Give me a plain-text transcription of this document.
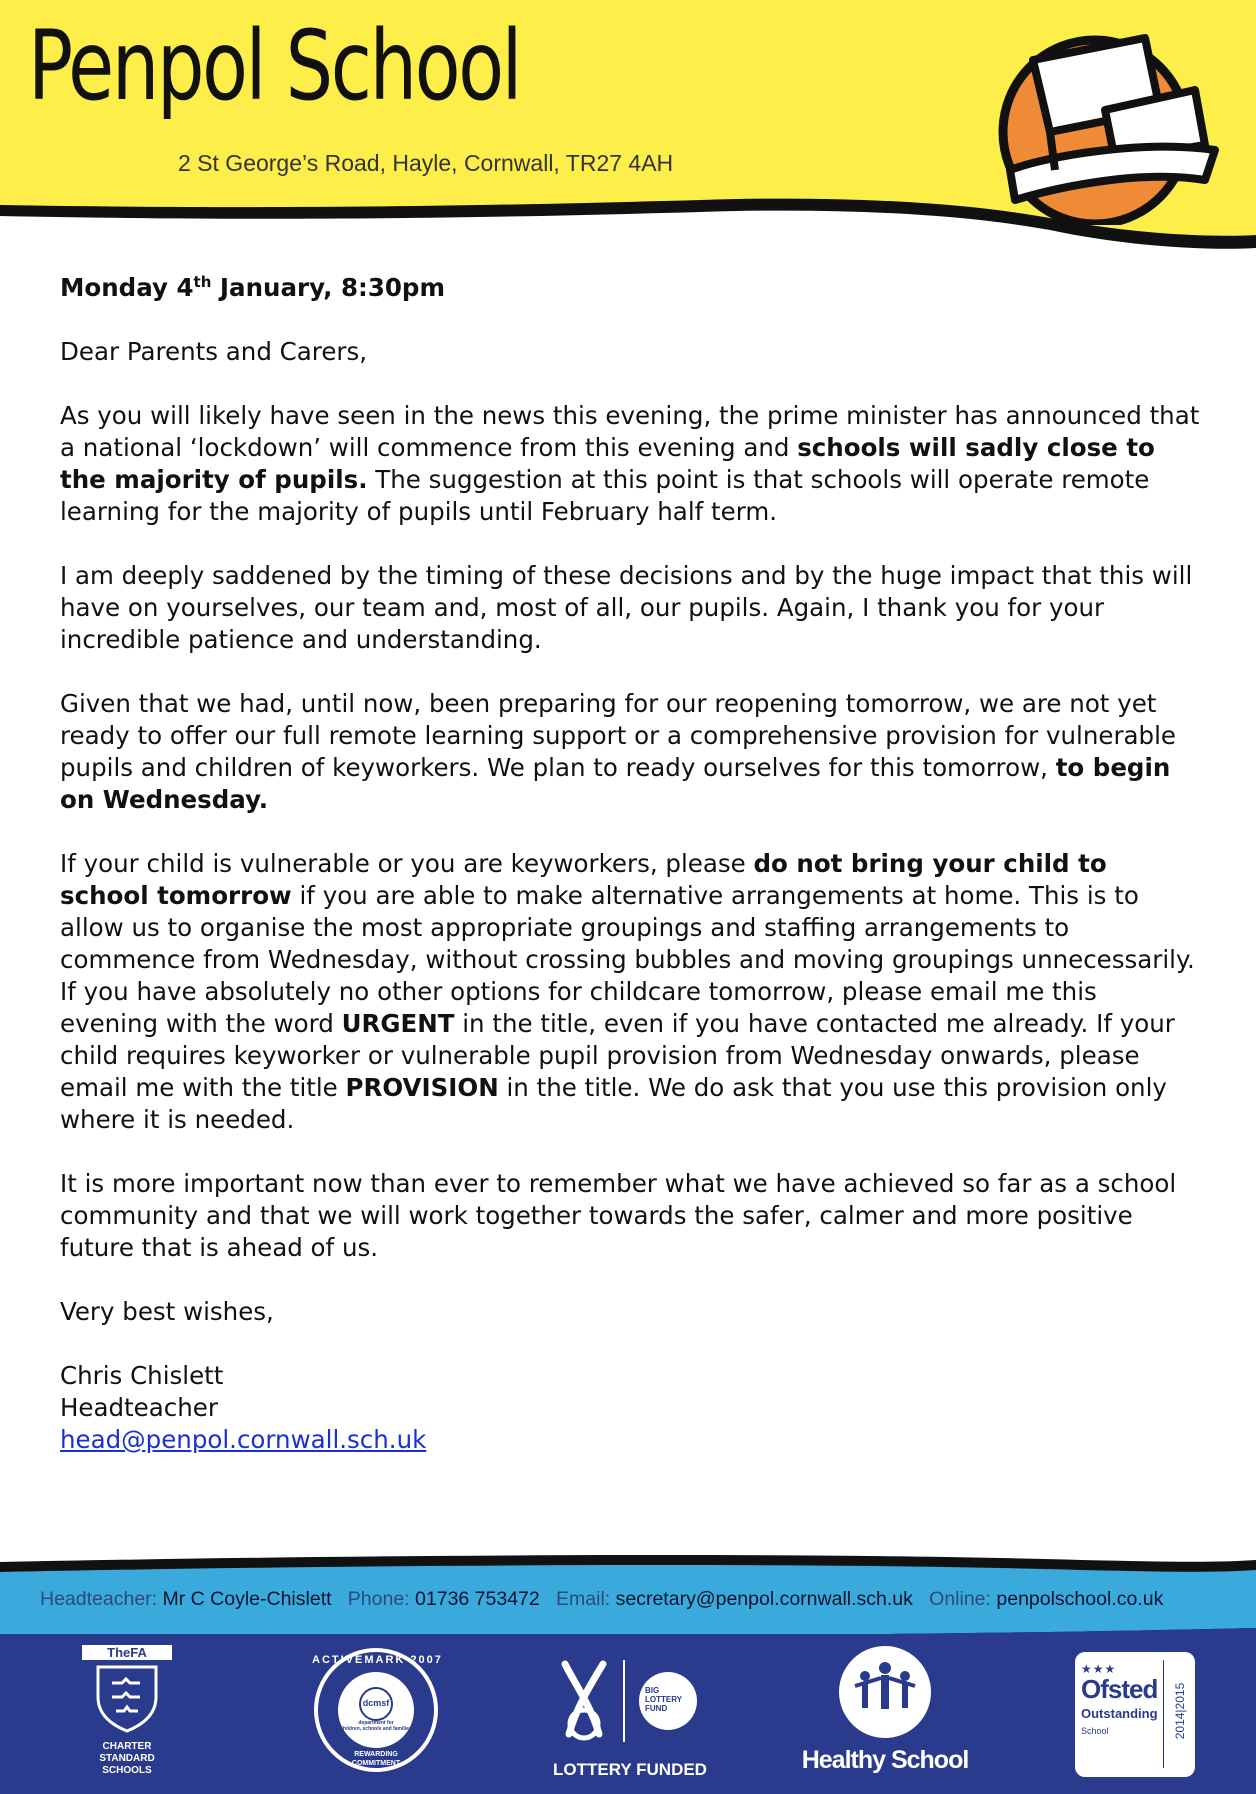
Penpol School
2 St George’s Road, Hayle, Cornwall, TR27 4AH

Monday 4th January, 8:30pm

Dear Parents and Carers,

As you will likely have seen in the news this evening, the prime minister has announced that a national ‘lockdown’ will commence from this evening and schools will sadly close to the majority of pupils. The suggestion at this point is that schools will operate remote learning for the majority of pupils until February half term.

I am deeply saddened by the timing of these decisions and by the huge impact that this will have on yourselves, our team and, most of all, our pupils. Again, I thank you for your incredible patience and understanding.

Given that we had, until now, been preparing for our reopening tomorrow, we are not yet ready to offer our full remote learning support or a comprehensive provision for vulnerable pupils and children of keyworkers. We plan to ready ourselves for this tomorrow, to begin on Wednesday.

If your child is vulnerable or you are keyworkers, please do not bring your child to school tomorrow if you are able to make alternative arrangements at home. This is to allow us to organise the most appropriate groupings and staffing arrangements to commence from Wednesday, without crossing bubbles and moving groupings unnecessarily. If you have absolutely no other options for childcare tomorrow, please email me this evening with the word URGENT in the title, even if you have contacted me already. If your child requires keyworker or vulnerable pupil provision from Wednesday onwards, please email me with the title PROVISION in the title. We do ask that you use this provision only where it is needed.

It is more important now than ever to remember what we have achieved so far as a school community and that we will work together towards the safer, calmer and more positive future that is ahead of us.

Very best wishes,

Chris Chislett

Headteacher

head@penpol.cornwall.sch.uk

Headteacher: Mr C Coyle-Chislett Phone: 01736 753472 Email: secretary@penpol.cornwall.sch.uk Online: penpolschool.co.uk
TheFA
CHARTER
STANDARD
SCHOOLS
ACTIVEMARK 2007
dcmsf
department for
children, schools and families
REWARDING
COMMITMENT
BIG
LOTTERY
FUND
LOTTERY FUNDED	Healthy School
★★★
Ofsted
Outstanding
School	2014|2015
